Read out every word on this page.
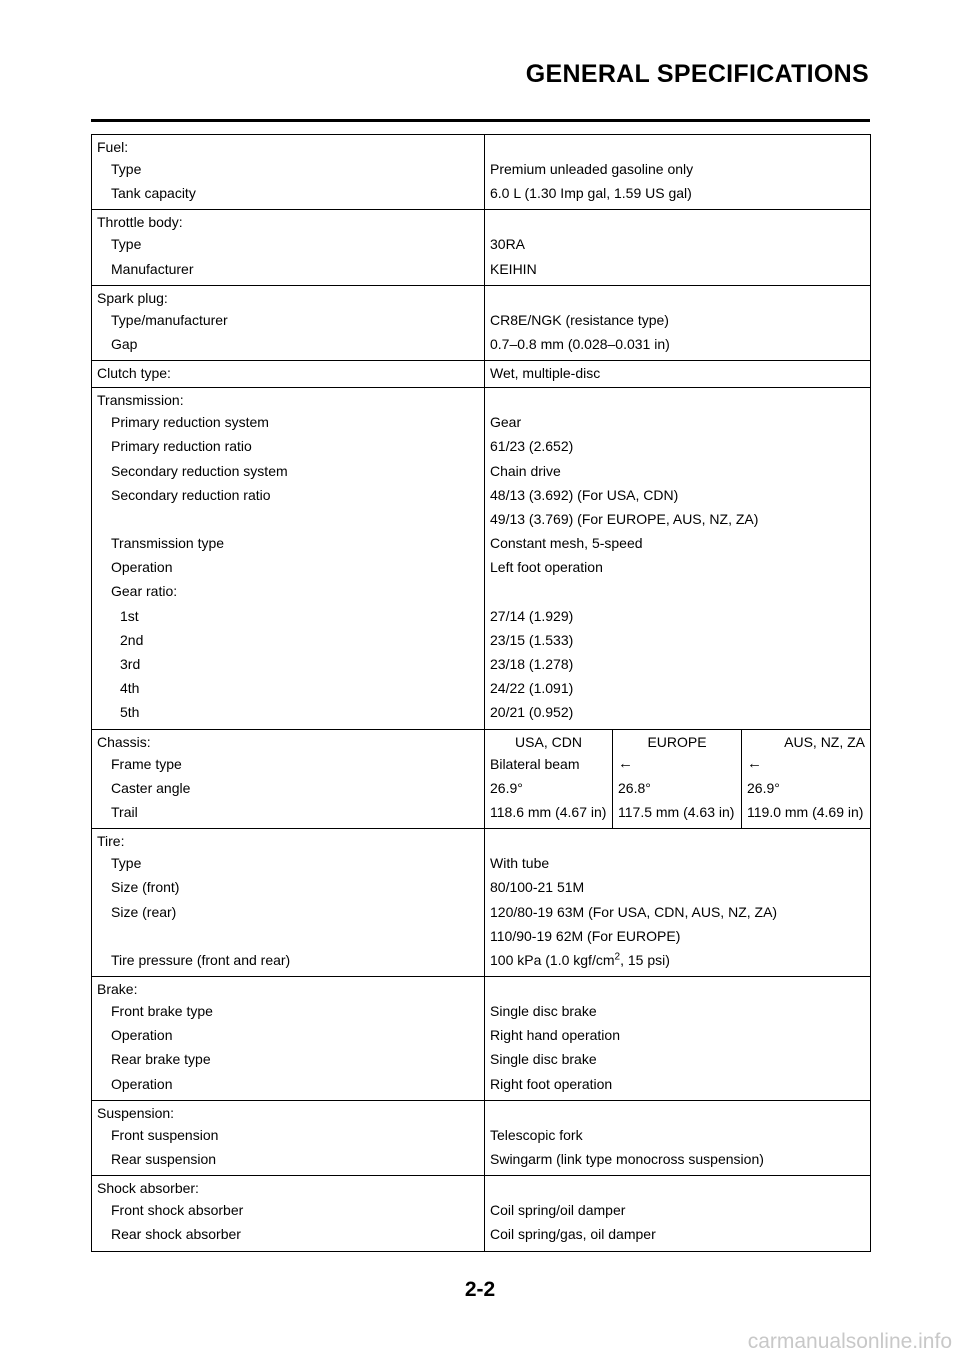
GENERAL SPECIFICATIONS
Fuel:			
Type	Premium unleaded gasoline only		
Tank capacity	6.0 L (1.30 Imp gal, 1.59 US gal)		
Throttle body:			
Type	30RA		
Manufacturer	KEIHIN		
Spark plug:			
Type/manufacturer	CR8E/NGK (resistance type)		
Gap	0.7–0.8 mm (0.028–0.031 in)		
Clutch type:	Wet, multiple-disc		
Transmission:			
Primary reduction system	Gear		
Primary reduction ratio	61/23 (2.652)		
Secondary reduction system	Chain drive		
Secondary reduction ratio	48/13 (3.692) (For USA, CDN)		
	49/13 (3.769) (For EUROPE, AUS, NZ, ZA)		
Transmission type	Constant mesh, 5-speed		
Operation	Left foot operation		
Gear ratio:			
1st	27/14 (1.929)		
2nd	23/15 (1.533)		
3rd	23/18 (1.278)		
4th	24/22 (1.091)		
5th	20/21 (0.952)		
Chassis:	USA, CDN	EUROPE	AUS, NZ, ZA
Frame type	Bilateral beam	←	←
Caster angle	26.9°	26.8°	26.9°
Trail	118.6 mm (4.67 in)	117.5 mm (4.63 in)	119.0 mm (4.69 in)
Tire:			
Type	With tube		
Size (front)	80/100-21 51M		
Size (rear)	120/80-19 63M (For USA, CDN, AUS, NZ, ZA)		
	110/90-19 62M (For EUROPE)		
Tire pressure (front and rear)	100 kPa (1.0 kgf/$cm^2$, 15 psi)		
Brake:			
Front brake type	Single disc brake		
Operation	Right hand operation		
Rear brake type	Single disc brake		
Operation	Right foot operation		
Suspension:			
Front suspension	Telescopic fork		
Rear suspension	Swingarm (link type monocross suspension)		
Shock absorber:			
Front shock absorber	Coil spring/oil damper		
Rear shock absorber	Coil spring/gas, oil damper		

2-2

carmanualsonline.info
